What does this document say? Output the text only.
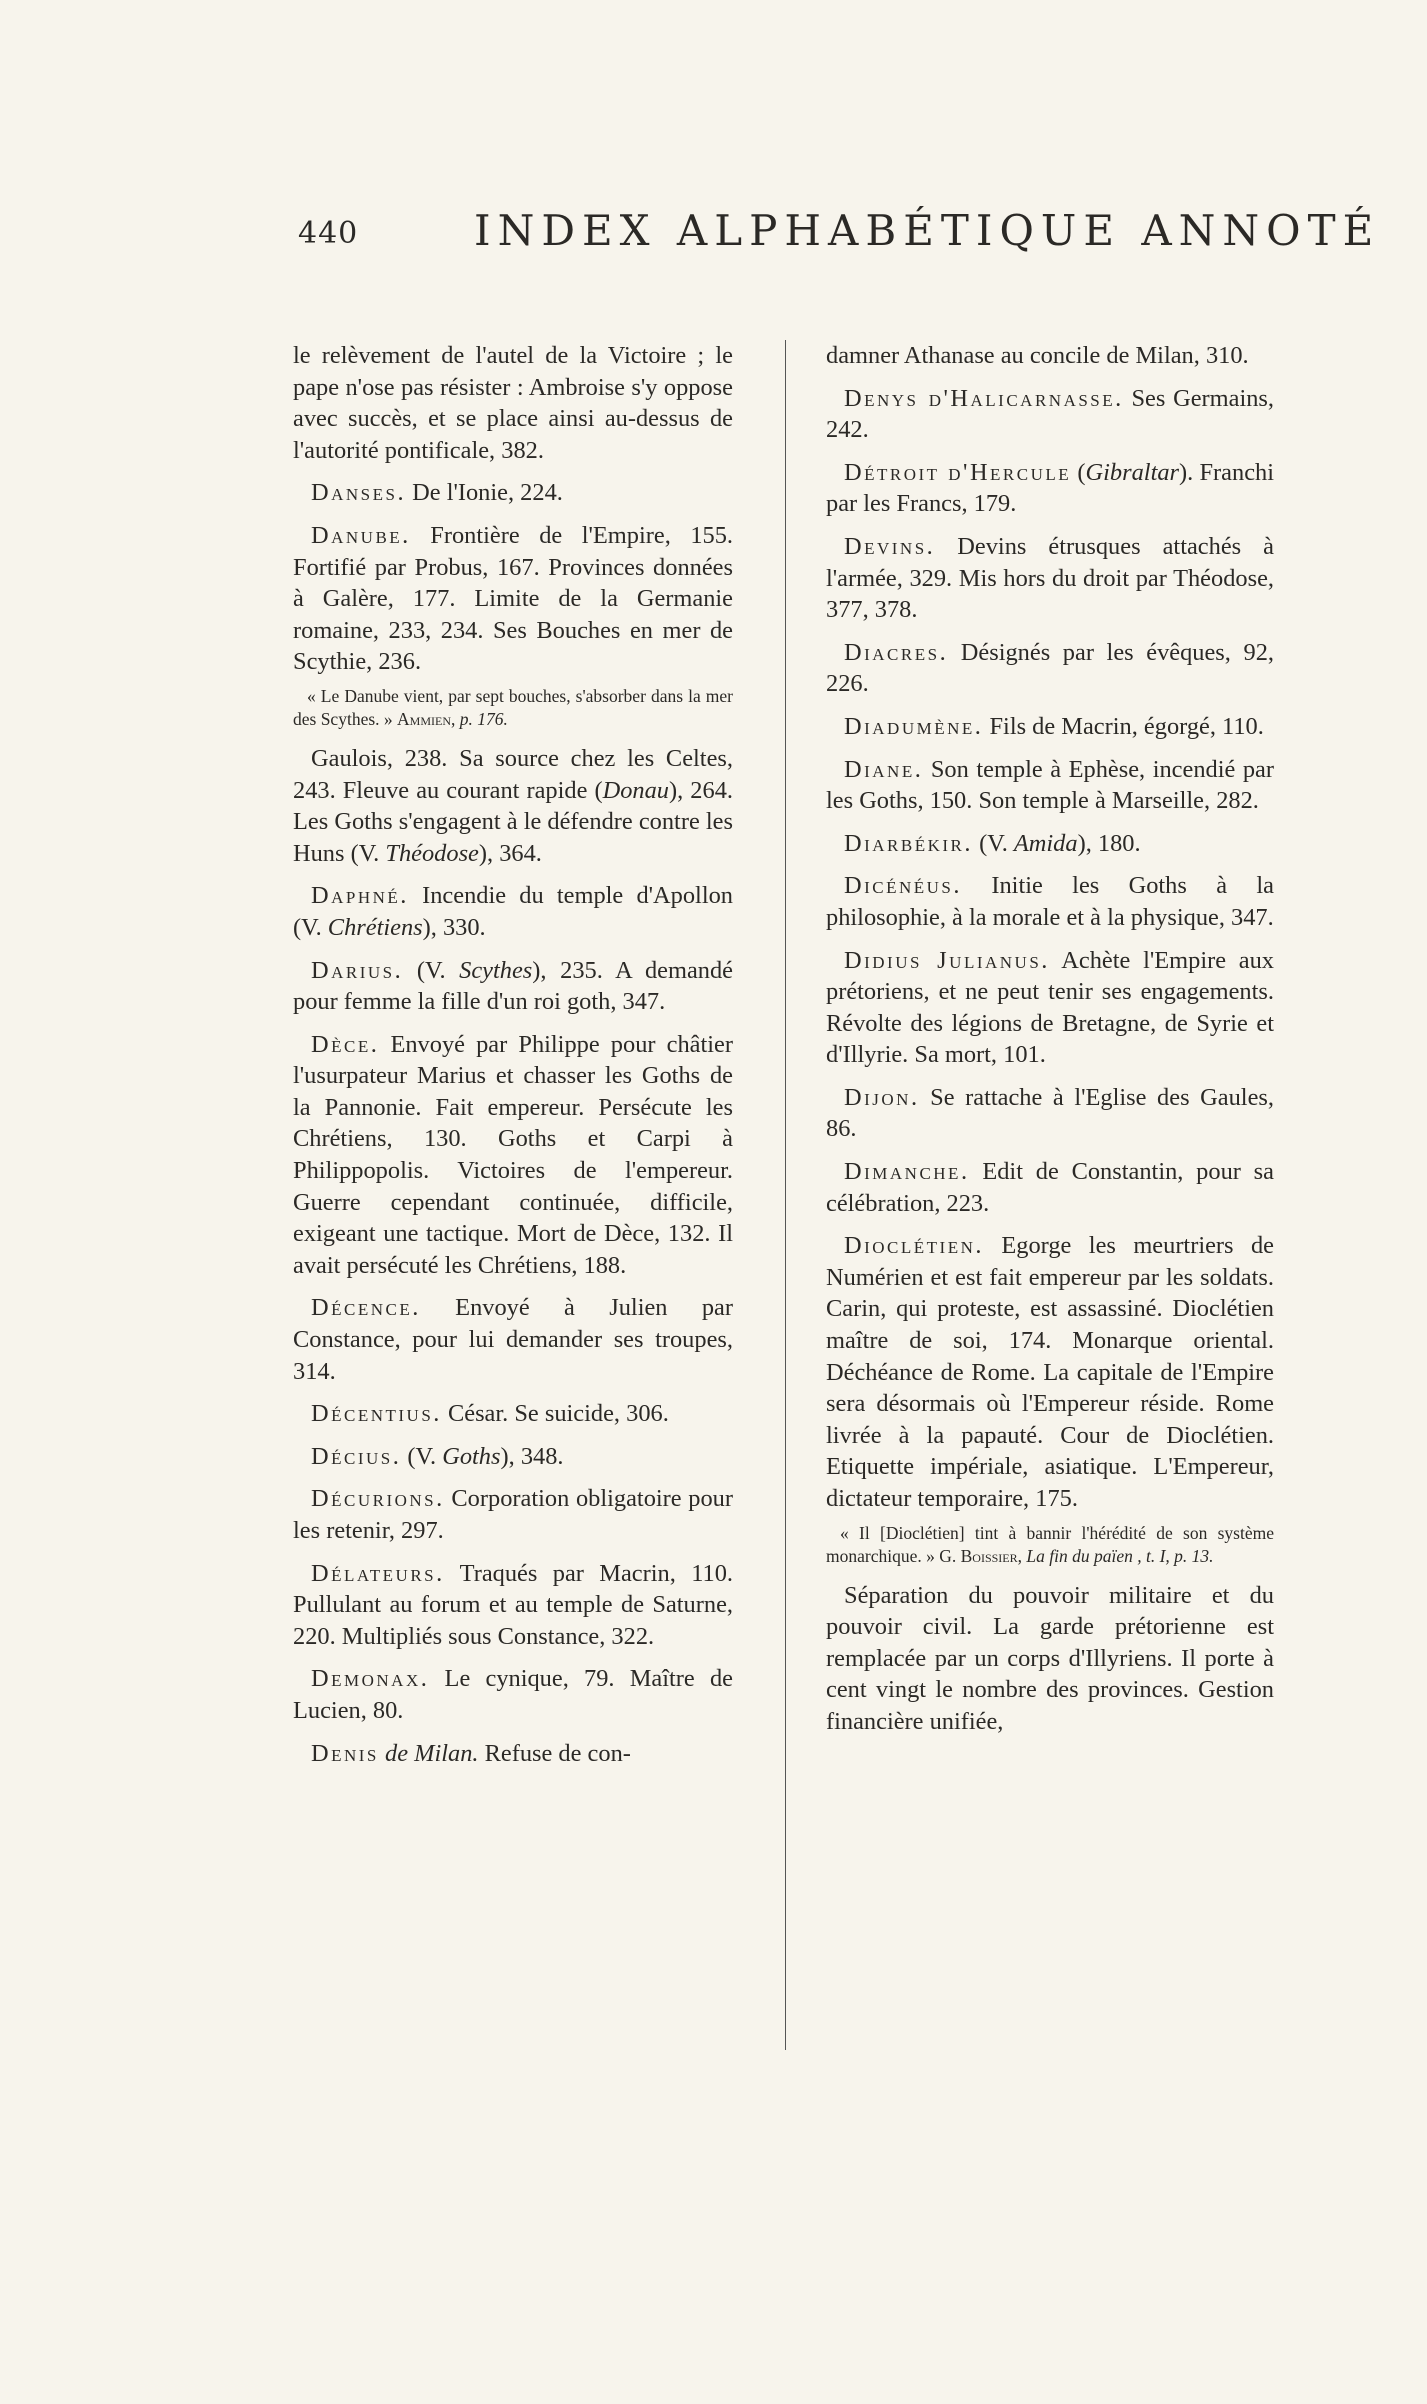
440	INDEX ALPHABÉTIQUE ANNOTÉ

le relèvement de l'autel de la Victoire ; le pape n'ose pas résister : Ambroise s'y oppose avec succès, et se place ainsi au-dessus de l'autorité pontificale, 382.

Danses. De l'Ionie, 224.

Danube. Frontière de l'Empire, 155. Fortifié par Probus, 167. Provinces données à Galère, 177. Limite de la Germanie romaine, 233, 234. Ses Bouches en mer de Scythie, 236.

« Le Danube vient, par sept bouches, s'absorber dans la mer des Scythes. » Ammien, p. 176.

Gaulois, 238. Sa source chez les Celtes, 243. Fleuve au courant rapide (Donau), 264. Les Goths s'engagent à le défendre contre les Huns (V. Théodose), 364.

Daphné. Incendie du temple d'Apollon (V. Chrétiens), 330.

Darius. (V. Scythes), 235. A demandé pour femme la fille d'un roi goth, 347.

Dèce. Envoyé par Philippe pour châtier l'usurpateur Marius et chasser les Goths de la Pannonie. Fait empereur. Persécute les Chrétiens, 130. Goths et Carpi à Philippopolis. Victoires de l'empereur. Guerre cependant continuée, difficile, exigeant une tactique. Mort de Dèce, 132. Il avait persécuté les Chrétiens, 188.

Décence. Envoyé à Julien par Constance, pour lui demander ses troupes, 314.

Décentius. César. Se suicide, 306.

Décius. (V. Goths), 348.

Décurions. Corporation obligatoire pour les retenir, 297.

Délateurs. Traqués par Macrin, 110. Pullulant au forum et au temple de Saturne, 220. Multipliés sous Constance, 322.

Demonax. Le cynique, 79. Maître de Lucien, 80.

Denis de Milan. Refuse de con-

damner Athanase au concile de Milan, 310.

Denys d'Halicarnasse. Ses Germains, 242.

Détroit d'Hercule (Gibraltar). Franchi par les Francs, 179.

Devins. Devins étrusques attachés à l'armée, 329. Mis hors du droit par Théodose, 377, 378.

Diacres. Désignés par les évêques, 92, 226.

Diadumène. Fils de Macrin, égorgé, 110.

Diane. Son temple à Ephèse, incendié par les Goths, 150. Son temple à Marseille, 282.

Diarbékir. (V. Amida), 180.

Dicénéus. Initie les Goths à la philosophie, à la morale et à la physique, 347.

Didius Julianus. Achète l'Empire aux prétoriens, et ne peut tenir ses engagements. Révolte des légions de Bretagne, de Syrie et d'Illyrie. Sa mort, 101.

Dijon. Se rattache à l'Eglise des Gaules, 86.

Dimanche. Edit de Constantin, pour sa célébration, 223.

Dioclétien. Egorge les meurtriers de Numérien et est fait empereur par les soldats. Carin, qui proteste, est assassiné. Dioclétien maître de soi, 174. Monarque oriental. Déchéance de Rome. La capitale de l'Empire sera désormais où l'Empereur réside. Rome livrée à la papauté. Cour de Dioclétien. Etiquette impériale, asiatique. L'Empereur, dictateur temporaire, 175.

« Il [Dioclétien] tint à bannir l'hérédité de son système monarchique. » G. Boissier, La fin du païen , t. I, p. 13.

Séparation du pouvoir militaire et du pouvoir civil. La garde prétorienne est remplacée par un corps d'Illyriens. Il porte à cent vingt le nombre des provinces. Gestion financière unifiée,
